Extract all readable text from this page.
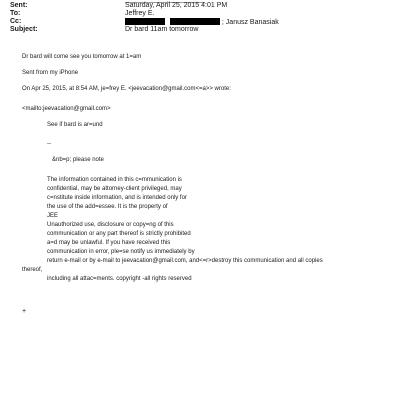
Sent:	Saturday, April 25, 2015 4:01 PM
To:	Jeffrey E.
Cc:	; Janusz Banasiak
Subject:	Dr bard 11am tomorrow
Dr bard will come see you tomorrow at 1=am
Sent from my iPhone
On Apr 25, 2015, at 8:54 AM, je=frey E. <jeevacation@gmail.com<=a>> wrote:
<mailto:jeevacation@gmail.com>
See if bard is ar=und
--
&nb=p; please note
The information contained in this c=mmunication is
confidential, may be attorney-client privileged, may
c=nstitute inside information, and is intended only for
the use of the add=essee. It is the property of
JEE
Unauthorized use, disclosure or copy=ng of this
communication or any part thereof is strictly prohibited
a=d may be unlawful. If you have received this
communication in error, ple=se notify us immediately by
return e-mail or by e-mail to jeevacation@gmail.com, and<=r>destroy this communication and all copies
thereof,
including all attac=ments. copyright -all rights reserved
+
